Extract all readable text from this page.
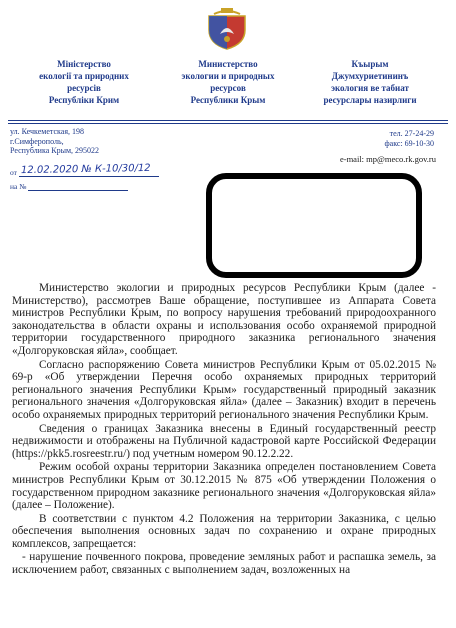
Міністерство
екології та природних
ресурсів
Республіки Крим
Министерство
экологии и природных
ресурсов
Республики Крым
Къырым
Джумхуриетининъ
экология ве табиат
ресурслары назирлиги
ул. Кечкеметская, 198
г.Симферополь,
Республика Крым, 295022
тел. 27-24-29
факс: 69-10-30
e-mail: mp@meco.rk.gov.ru
от 12.02.2020 № К-10/30/12
на №

Министерство экологии и природных ресурсов Республики Крым (далее - Министерство), рассмотрев Ваше обращение, поступившее из Аппарата Совета министров Республики Крым, по вопросу нарушения требований природоохранного законодательства в области охраны и использования особо охраняемой природной территории государственного природного заказника регионального значения «Долгоруковская яйла», сообщает.

Согласно распоряжению Совета министров Республики Крым от 05.02.2015 № 69-р «Об утверждении Перечня особо охраняемых природных территорий регионального значения Республики Крым» государственный природный заказник регионального значения «Долгоруковская яйла» (далее – Заказник) входит в перечень особо охраняемых природных территорий регионального значения Республики Крым.

Сведения о границах Заказника внесены в Единый государственный реестр недвижимости и отображены на Публичной кадастровой карте Российской Федерации (https://pkk5.rosreestr.ru/) под учетным номером 90.12.2.22.

Режим особой охраны территории Заказника определен постановлением Совета министров Республики Крым от 30.12.2015 № 875 «Об утверждении Положения о государственном природном заказнике регионального значения «Долгоруковская яйла» (далее – Положение).

В соответствии с пунктом 4.2 Положения на территории Заказника, с целью обеспечения выполнения основных задач по сохранению и охране природных комплексов, запрещается:

- нарушение почвенного покрова, проведение земляных работ и распашка земель, за исключением работ, связанных с выполнением задач, возложенных на
